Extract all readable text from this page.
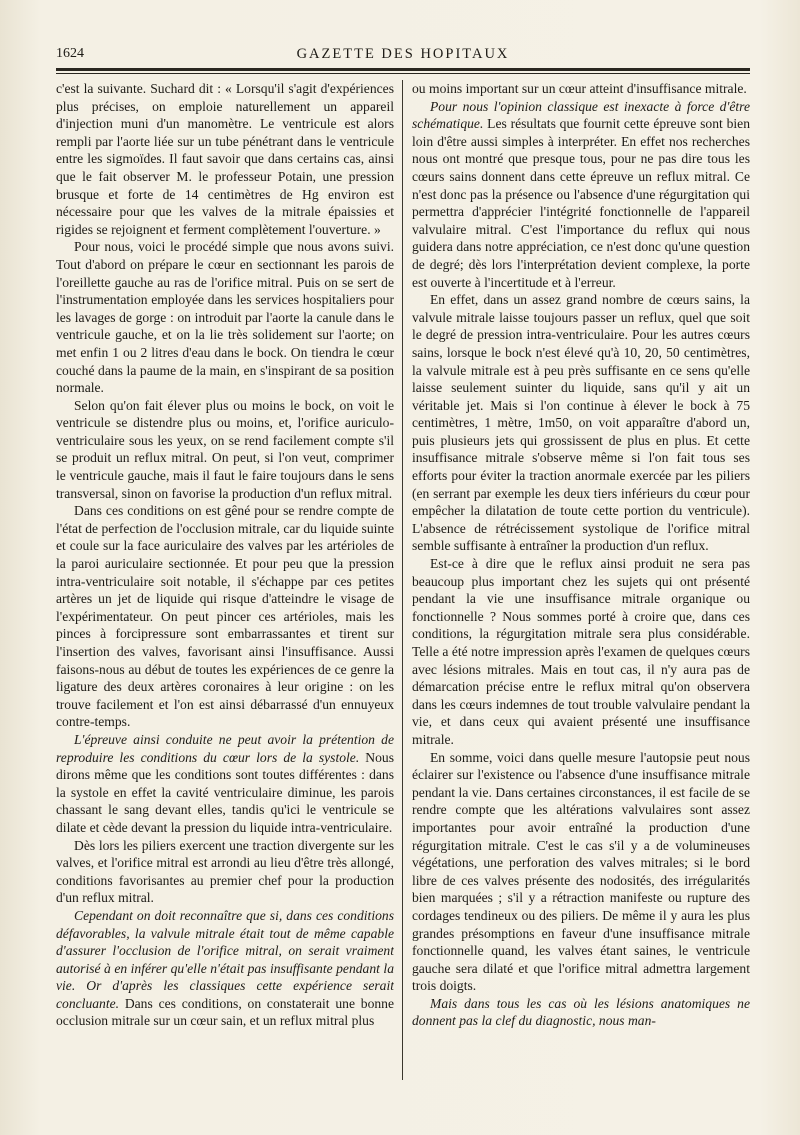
1624	GAZETTE DES HOPITAUX

c'est la suivante. Suchard dit : « Lorsqu'il s'agit d'expériences plus précises, on emploie naturellement un appareil d'injection muni d'un manomètre. Le ventricule est alors rempli par l'aorte liée sur un tube pénétrant dans le ventricule entre les sigmoïdes. Il faut savoir que dans certains cas, ainsi que le fait observer M. le professeur Potain, une pression brusque et forte de 14 centimètres de Hg environ est nécessaire pour que les valves de la mitrale épaissies et rigides se rejoignent et ferment complètement l'ouverture. »

Pour nous, voici le procédé simple que nous avons suivi. Tout d'abord on prépare le cœur en sectionnant les parois de l'oreillette gauche au ras de l'orifice mitral. Puis on se sert de l'instrumentation employée dans les services hospitaliers pour les lavages de gorge : on introduit par l'aorte la canule dans le ventricule gauche, et on la lie très solidement sur l'aorte; on met enfin 1 ou 2 litres d'eau dans le bock. On tiendra le cœur couché dans la paume de la main, en s'inspirant de sa position normale.

Selon qu'on fait élever plus ou moins le bock, on voit le ventricule se distendre plus ou moins, et, l'orifice auriculo-ventriculaire sous les yeux, on se rend facilement compte s'il se produit un reflux mitral. On peut, si l'on veut, comprimer le ventricule gauche, mais il faut le faire toujours dans le sens transversal, sinon on favorise la production d'un reflux mitral.

Dans ces conditions on est gêné pour se rendre compte de l'état de perfection de l'occlusion mitrale, car du liquide suinte et coule sur la face auriculaire des valves par les artérioles de la paroi auriculaire sectionnée. Et pour peu que la pression intra-ventriculaire soit notable, il s'échappe par ces petites artères un jet de liquide qui risque d'atteindre le visage de l'expérimentateur. On peut pincer ces artérioles, mais les pinces à forcipressure sont embarrassantes et tirent sur l'insertion des valves, favorisant ainsi l'insuffisance. Aussi faisons-nous au début de toutes les expériences de ce genre la ligature des deux artères coronaires à leur origine : on les trouve facilement et l'on est ainsi débarrassé d'un ennuyeux contre-temps.

L'épreuve ainsi conduite ne peut avoir la prétention de reproduire les conditions du cœur lors de la systole. Nous dirons même que les conditions sont toutes différentes : dans la systole en effet la cavité ventriculaire diminue, les parois chassant le sang devant elles, tandis qu'ici le ventricule se dilate et cède devant la pression du liquide intra-ventriculaire.

Dès lors les piliers exercent une traction divergente sur les valves, et l'orifice mitral est arrondi au lieu d'être très allongé, conditions favorisantes au premier chef pour la production d'un reflux mitral.

Cependant on doit reconnaître que si, dans ces conditions défavorables, la valvule mitrale était tout de même capable d'assurer l'occlusion de l'orifice mitral, on serait vraiment autorisé à en inférer qu'elle n'était pas insuffisante pendant la vie. Or d'après les classiques cette expérience serait concluante. Dans ces conditions, on constaterait une bonne occlusion mitrale sur un cœur sain, et un reflux mitral plus

ou moins important sur un cœur atteint d'insuffisance mitrale.

Pour nous l'opinion classique est inexacte à force d'être schématique. Les résultats que fournit cette épreuve sont bien loin d'être aussi simples à interpréter. En effet nos recherches nous ont montré que presque tous, pour ne pas dire tous les cœurs sains donnent dans cette épreuve un reflux mitral. Ce n'est donc pas la présence ou l'absence d'une régurgitation qui permettra d'apprécier l'intégrité fonctionnelle de l'appareil valvulaire mitral. C'est l'importance du reflux qui nous guidera dans notre appréciation, ce n'est donc qu'une question de degré; dès lors l'interprétation devient complexe, la porte est ouverte à l'incertitude et à l'erreur.

En effet, dans un assez grand nombre de cœurs sains, la valvule mitrale laisse toujours passer un reflux, quel que soit le degré de pression intra-ventriculaire. Pour les autres cœurs sains, lorsque le bock n'est élevé qu'à 10, 20, 50 centimètres, la valvule mitrale est à peu près suffisante en ce sens qu'elle laisse seulement suinter du liquide, sans qu'il y ait un véritable jet. Mais si l'on continue à élever le bock à 75 centimètres, 1 mètre, 1m50, on voit apparaître d'abord un, puis plusieurs jets qui grossissent de plus en plus. Et cette insuffisance mitrale s'observe même si l'on fait tous ses efforts pour éviter la traction anormale exercée par les piliers (en serrant par exemple les deux tiers inférieurs du cœur pour empêcher la dilatation de toute cette portion du ventricule). L'absence de rétrécissement systolique de l'orifice mitral semble suffisante à entraîner la production d'un reflux.

Est-ce à dire que le reflux ainsi produit ne sera pas beaucoup plus important chez les sujets qui ont présenté pendant la vie une insuffisance mitrale organique ou fonctionnelle ? Nous sommes porté à croire que, dans ces conditions, la régurgitation mitrale sera plus considérable. Telle a été notre impression après l'examen de quelques cœurs avec lésions mitrales. Mais en tout cas, il n'y aura pas de démarcation précise entre le reflux mitral qu'on observera dans les cœurs indemnes de tout trouble valvulaire pendant la vie, et dans ceux qui avaient présenté une insuffisance mitrale.

En somme, voici dans quelle mesure l'autopsie peut nous éclairer sur l'existence ou l'absence d'une insuffisance mitrale pendant la vie. Dans certaines circonstances, il est facile de se rendre compte que les altérations valvulaires sont assez importantes pour avoir entraîné la production d'une régurgitation mitrale. C'est le cas s'il y a de volumineuses végétations, une perforation des valves mitrales; si le bord libre de ces valves présente des nodosités, des irrégularités bien marquées ; s'il y a rétraction manifeste ou rupture des cordages tendineux ou des piliers. De même il y aura les plus grandes présomptions en faveur d'une insuffisance mitrale fonctionnelle quand, les valves étant saines, le ventricule gauche sera dilaté et que l'orifice mitral admettra largement trois doigts.

Mais dans tous les cas où les lésions anatomiques ne donnent pas la clef du diagnostic, nous man-
